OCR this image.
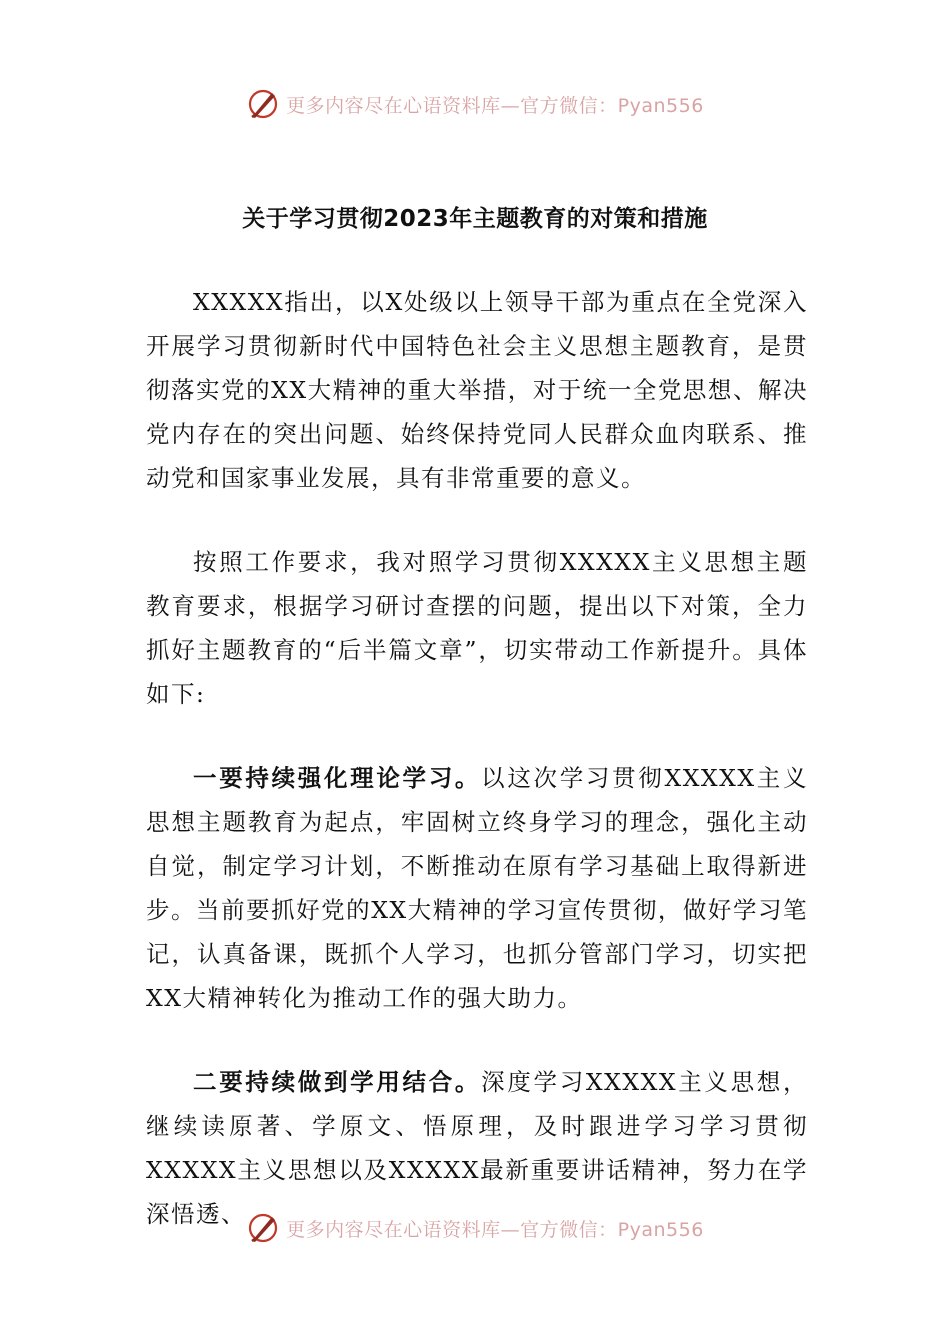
更多内容尽在心语资料库—官方微信：Pyan556
关于学习贯彻2023年主题教育的对策和措施

XXXXX指出，以X处级以上领导干部为重点在全党深入开展学习贯彻新时代中国特色社会主义思想主题教育，是贯彻落实党的XX大精神的重大举措，对于统一全党思想、解决党内存在的突出问题、始终保持党同人民群众血肉联系、推动党和国家事业发展，具有非常重要的意义。

按照工作要求，我对照学习贯彻XXXXX主义思想主题教育要求，根据学习研讨查摆的问题，提出以下对策，全力抓好主题教育的“后半篇文章”，切实带动工作新提升。具体如下:

一要持续强化理论学习。以这次学习贯彻XXXXX主义思想主题教育为起点，牢固树立终身学习的理念，强化主动自觉，制定学习计划，不断推动在原有学习基础上取得新进步。当前要抓好党的XX大精神的学习宣传贯彻，做好学习笔记，认真备课，既抓个人学习，也抓分管部门学习，切实把XX大精神转化为推动工作的强大助力。

二要持续做到学用结合。深度学习XXXXX主义思想，继续读原著、学原文、悟原理，及时跟进学习学习贯彻XXXXX主义思想以及XXXXX最新重要讲话精神，努力在学深悟透、

更多内容尽在心语资料库—官方微信：Pyan556
